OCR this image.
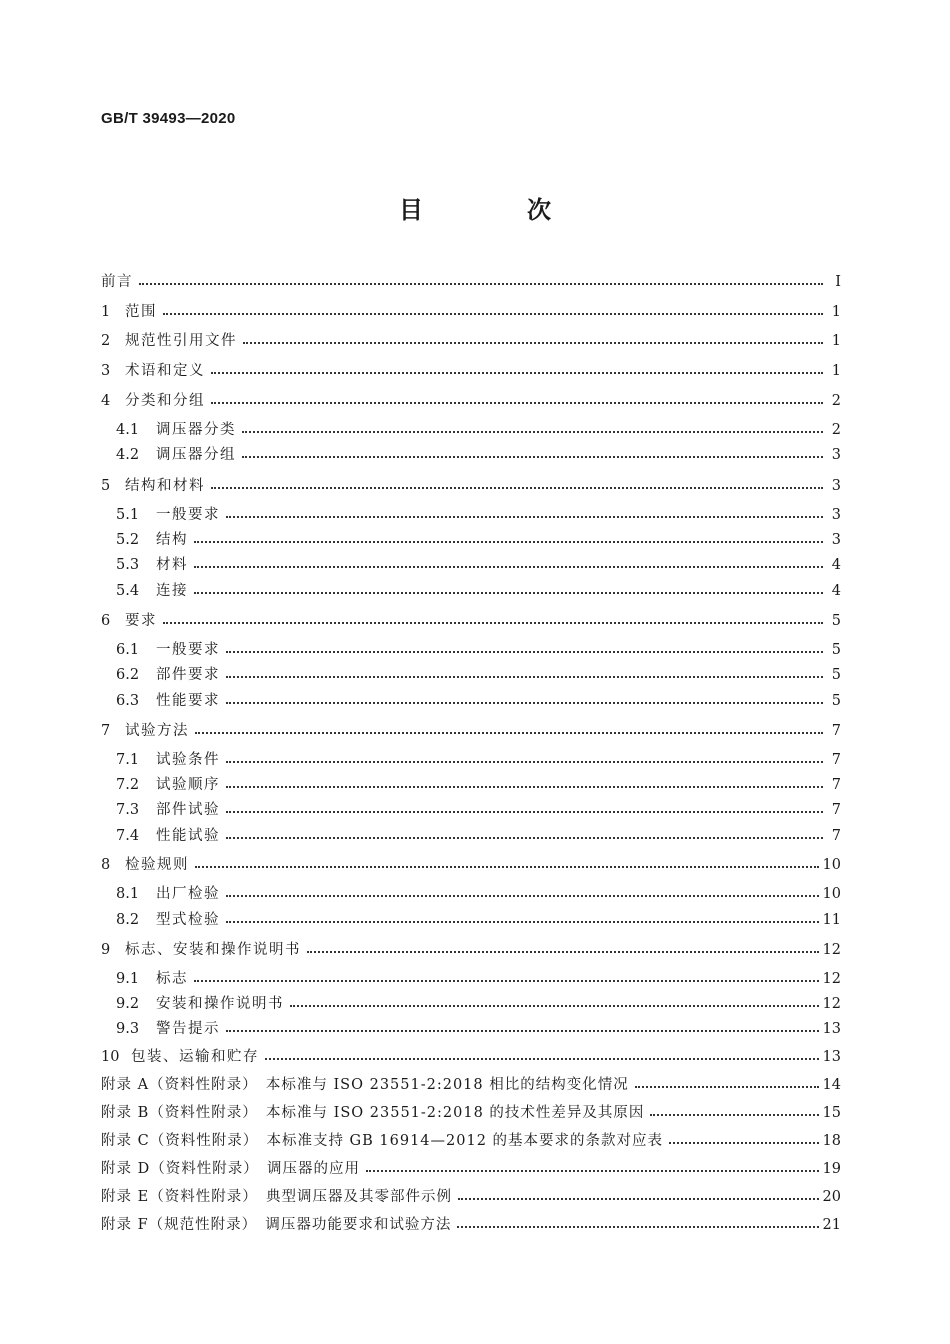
GB/T 39493—2020
目　次
前言	Ⅰ
1	范围	1
2	规范性引用文件	1
3	术语和定义	1
4	分类和分组	2
4.1	调压器分类	2
4.2	调压器分组	3
5	结构和材料	3
5.1	一般要求	3
5.2	结构	3
5.3	材料	4
5.4	连接	4
6	要求	5
6.1	一般要求	5
6.2	部件要求	5
6.3	性能要求	5
7	试验方法	7
7.1	试验条件	7
7.2	试验顺序	7
7.3	部件试验	7
7.4	性能试验	7
8	检验规则	10
8.1	出厂检验	10
8.2	型式检验	11
9	标志、安装和操作说明书	12
9.1	标志	12
9.2	安装和操作说明书	12
9.3	警告提示	13
10 包装、运输和贮存	13
附录 A（资料性附录）　本标准与 ISO 23551-2:2018 相比的结构变化情况	14
附录 B（资料性附录）　本标准与 ISO 23551-2:2018 的技术性差异及其原因	15
附录 C（资料性附录）　本标准支持 GB 16914—2012 的基本要求的条款对应表	18
附录 D（资料性附录）　调压器的应用	19
附录 E（资料性附录）　典型调压器及其零部件示例	20
附录 F（规范性附录）　调压器功能要求和试验方法	21
